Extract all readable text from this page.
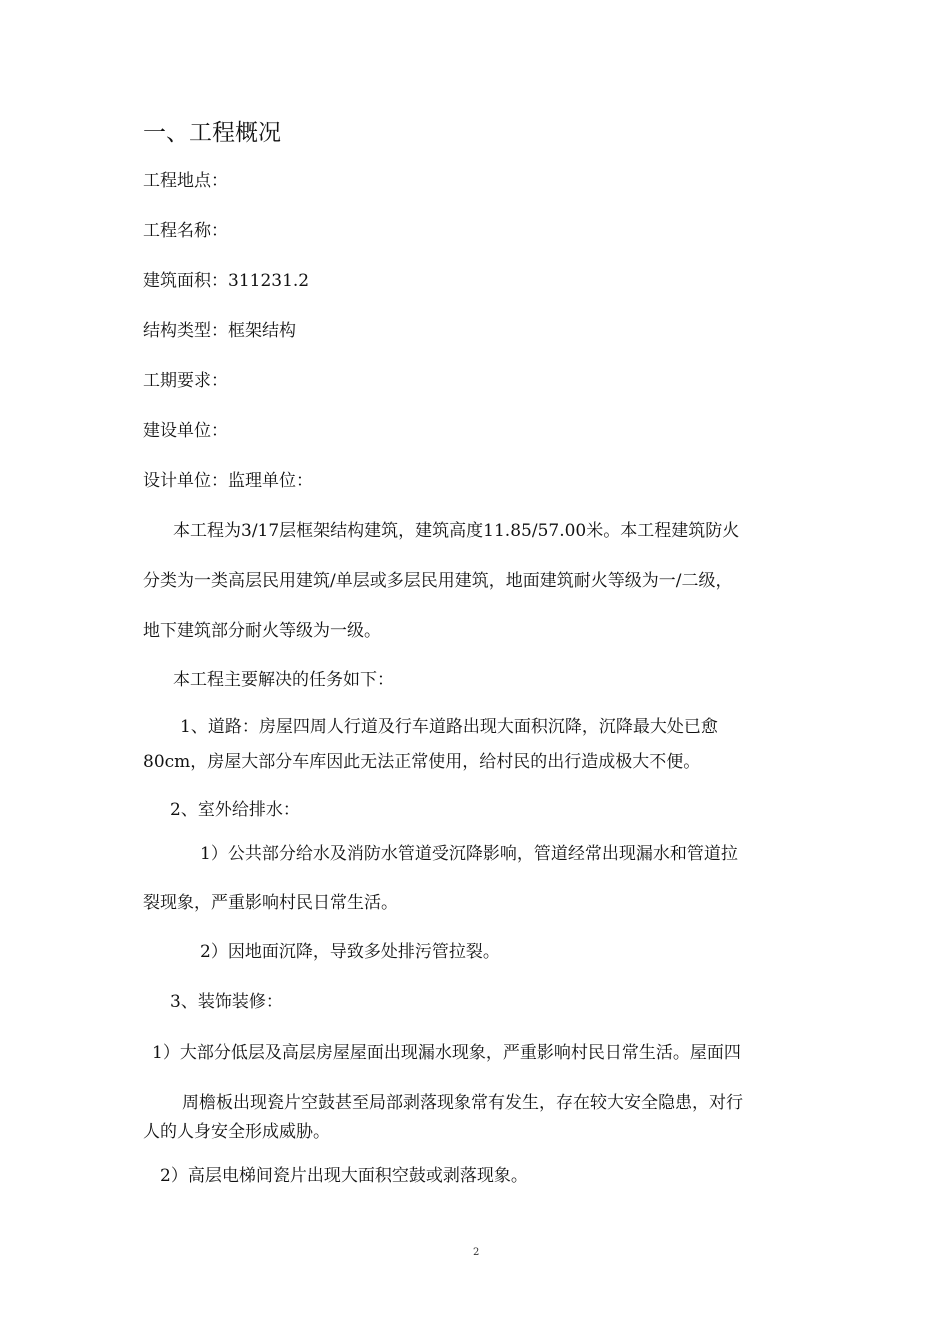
一、工程概况
工程地点：
工程名称：
建筑面积：311231.2
结构类型：框架结构
工期要求：
建设单位：
设计单位：监理单位：
本工程为3/17层框架结构建筑，建筑高度11.85/57.00米。本工程建筑防火
分类为一类高层民用建筑/单层或多层民用建筑，地面建筑耐火等级为一/二级，
地下建筑部分耐火等级为一级。
本工程主要解决的任务如下：
1、道路：房屋四周人行道及行车道路出现大面积沉降，沉降最大处已愈
80cm，房屋大部分车库因此无法正常使用，给村民的出行造成极大不便。
2、室外给排水：
1）公共部分给水及消防水管道受沉降影响，管道经常出现漏水和管道拉
裂现象，严重影响村民日常生活。
2）因地面沉降，导致多处排污管拉裂。
3、装饰装修：
1）大部分低层及高层房屋屋面出现漏水现象，严重影响村民日常生活。屋面四
周檐板出现瓷片空鼓甚至局部剥落现象常有发生，存在较大安全隐患，对行
人的人身安全形成威胁。
2）高层电梯间瓷片出现大面积空鼓或剥落现象。
2
